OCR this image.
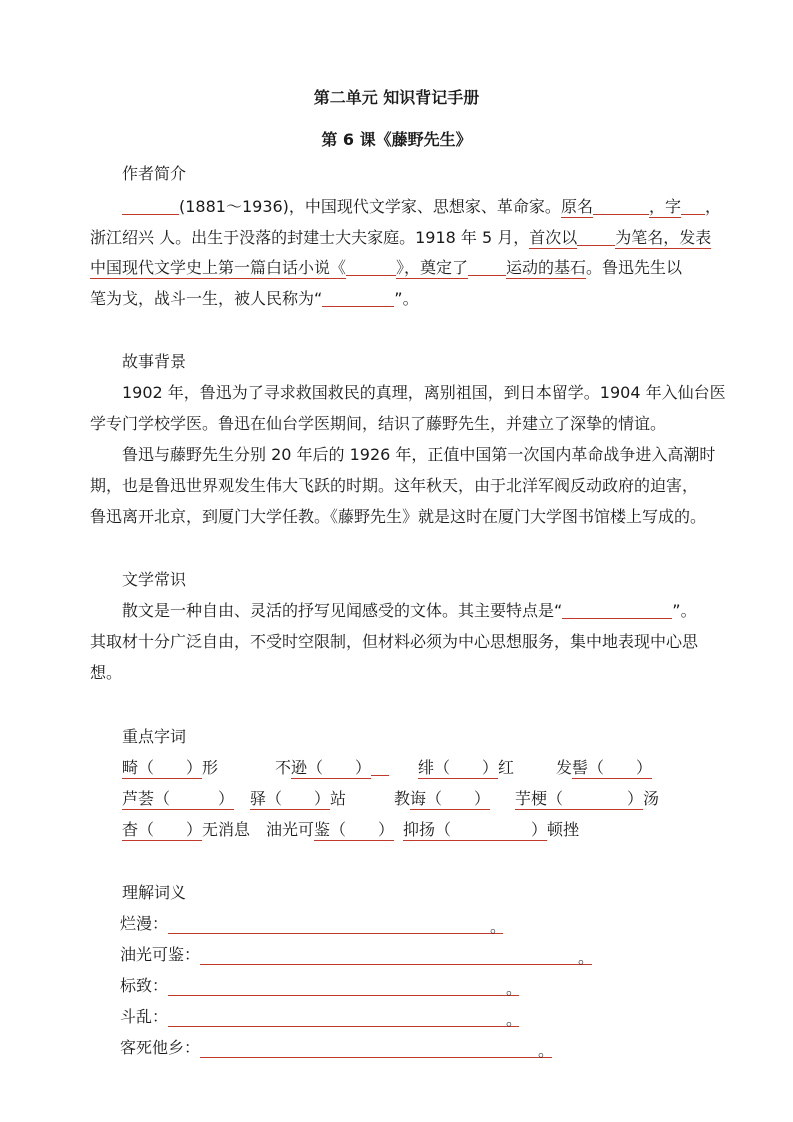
第二单元 知识背记手册
第 6 课《藤野先生》
作者简介
(1881～1936)，中国现代文学家、思想家、革命家。原名	，字 ，
浙江绍兴 人。出生于没落的封建士大夫家庭。1918 年 5 月，首次以 为笔名，发表
中国现代文学史上第一篇白话小说《	》，奠定了 运动的基石。鲁迅先生以
笔为戈，战斗一生，被人民称为“	”。
故事背景
1902 年，鲁迅为了寻求救国救民的真理，离别祖国，到日本留学。1904 年入仙台医
学专门学校学医。鲁迅在仙台学医期间，结识了藤野先生，并建立了深挚的情谊。
鲁迅与藤野先生分别 20 年后的 1926 年，正值中国第一次国内革命战争进入高潮时
期，也是鲁迅世界观发生伟大飞跃的时期。这年秋天，由于北洋军阀反动政府的迫害，
鲁迅离开北京，到厦门大学任教。《藤野先生》就是这时在厦门大学图书馆楼上写成的。
文学常识
散文是一种自由、灵活的抒写见闻感受的文体。其主要特点是“	”。
其取材十分广泛自由，不受时空限制，但材料必须为中心思想服务，集中地表现中心思
想。
重点字词
畸（　　）形	不逊（　　）	绯（　　）红	发髻（　　）
芦荟（　　　） 驿（　　）站	教诲（　　） 芋梗（　　　　）汤
杳（　　）无消息 油光可鉴（　　） 抑扬（　　　　　）顿挫
理解词义
烂漫：	。
油光可鉴：	。
标致：	。
斗乱：	。
客死他乡：	。
